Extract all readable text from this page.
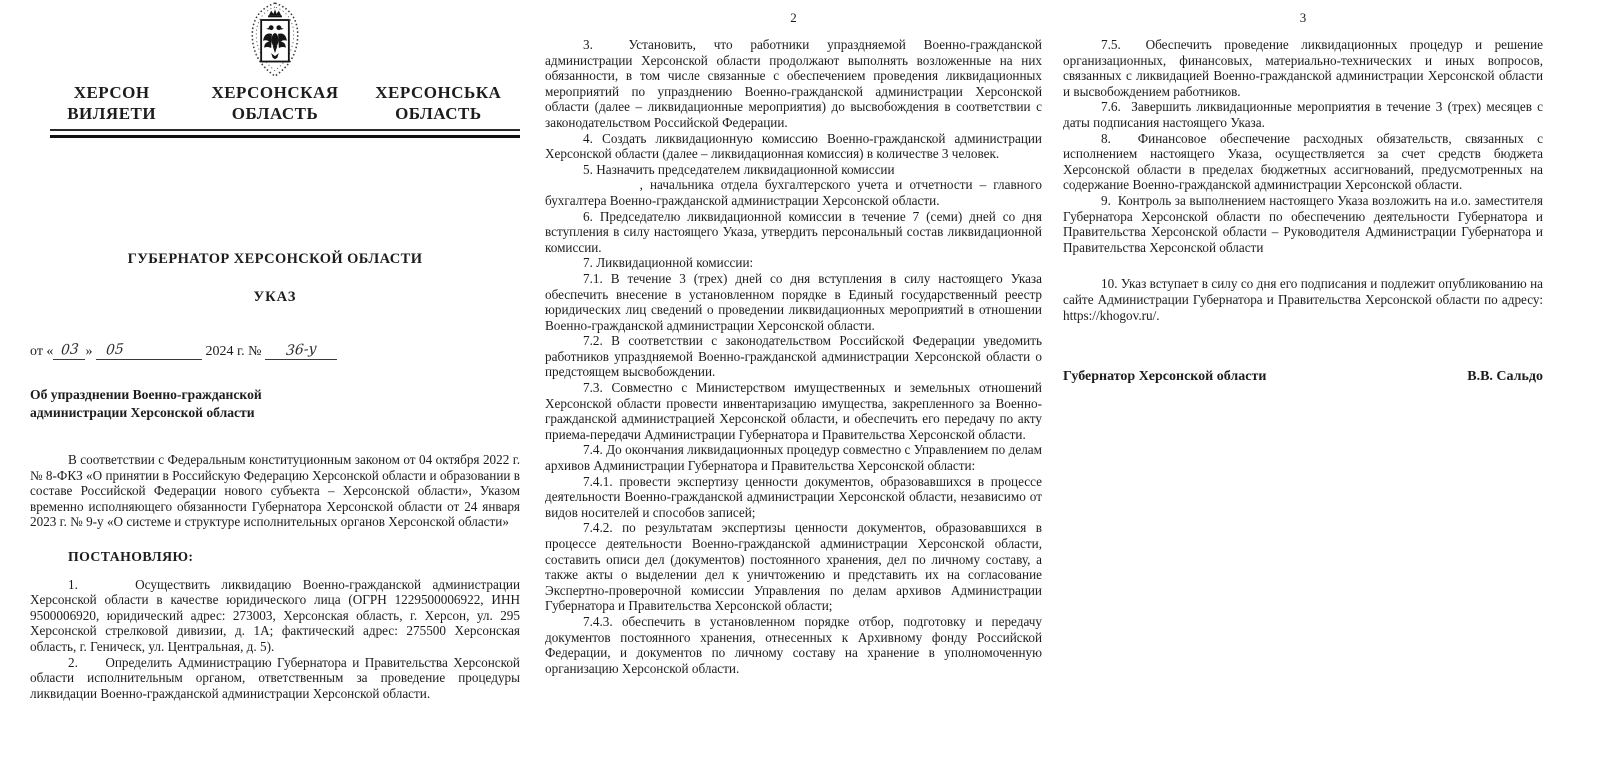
ХЕРСОН
ВИЛЯЕТИ
ХЕРСОНСКАЯ
ОБЛАСТЬ
ХЕРСОНСЬКА
ОБЛАСТЬ
ГУБЕРНАТОР ХЕРСОНСКОЙ ОБЛАСТИ
УКАЗ
от « 03 » 05	2024 г. № 36-у
Об упразднении Военно-гражданской
администрации Херсонской области

В соответствии с Федеральным конституционным законом от 04 октября 2022 г. № 8-ФКЗ «О принятии в Российскую Федерацию Херсонской области и образовании в составе Российской Федерации нового субъекта – Херсонской области», Указом временно исполняющего обязанности Губернатора Херсонской области от 24 января 2023 г. № 9-у «О системе и структуре исполнительных органов Херсонской области»

ПОСТАНОВЛЯЮ:

1.     Осуществить ликвидацию Военно-гражданской администрации Херсонской области в качестве юридического лица (ОГРН 1229500006922, ИНН 9500006920, юридический адрес: 273003, Херсонская область, г. Херсон, ул. 295 Херсонской стрелковой дивизии, д. 1А; фактический адрес: 275500 Херсонская область, г. Геническ, ул. Центральная, д. 5).

2.     Определить Администрацию Губернатора и Правительства Херсонской области исполнительным органом, ответственным за проведение процедуры ликвидации Военно-гражданской администрации Херсонской области.

2

3.  Установить, что работники упраздняемой Военно-гражданской администрации Херсонской области продолжают выполнять возложенные на них обязанности, в том числе связанные с обеспечением проведения ликвидационных мероприятий по упразднению Военно-гражданской администрации Херсонской области (далее – ликвидационные мероприятия) до высвобождения в соответствии с законодательством Российской Федерации.

4. Создать ликвидационную комиссию Военно-гражданской администрации Херсонской области (далее – ликвидационная комиссия) в количестве 3 человек.

5. Назначить председателем ликвидационной комиссии

, начальника отдела бухгалтерского учета и отчетности – главного бухгалтера Военно-гражданской администрации Херсонской области.

6. Председателю ликвидационной комиссии в течение 7 (семи) дней со дня вступления в силу настоящего Указа, утвердить персональный состав ликвидационной комиссии.

7. Ликвидационной комиссии:

7.1. В течение 3 (трех) дней со дня вступления в силу настоящего Указа обеспечить внесение в установленном порядке в Единый государственный реестр юридических лиц сведений о проведении ликвидационных мероприятий в отношении Военно-гражданской администрации Херсонской области.

7.2. В соответствии с законодательством Российской Федерации уведомить работников упраздняемой Военно-гражданской администрации Херсонской области о предстоящем высвобождении.

7.3. Совместно с Министерством имущественных и земельных отношений Херсонской области провести инвентаризацию имущества, закрепленного за Военно-гражданской администрацией Херсонской области, и обеспечить его передачу по акту приема-передачи Администрации Губернатора и Правительства Херсонской области.

7.4. До окончания ликвидационных процедур совместно с Управлением по делам архивов Администрации Губернатора и Правительства Херсонской области:

7.4.1. провести экспертизу ценности документов, образовавшихся в процессе деятельности Военно-гражданской администрации Херсонской области, независимо от видов носителей и способов записей;

7.4.2. по результатам экспертизы ценности документов, образовавшихся в процессе деятельности Военно-гражданской администрации Херсонской области, составить описи дел (документов) постоянного хранения, дел по личному составу, а также акты о выделении дел к уничтожению и представить их на согласование Экспертно-проверочной комиссии Управления по делам архивов Администрации Губернатора и Правительства Херсонской области;

7.4.3. обеспечить в установленном порядке отбор, подготовку и передачу документов постоянного хранения, отнесенных к Архивному фонду Российской Федерации, и документов по личному составу на хранение в уполномоченную организацию Херсонской области.

3

7.5.  Обеспечить проведение ликвидационных процедур и решение организационных, финансовых, материально-технических и иных вопросов, связанных с ликвидацией Военно-гражданской администрации Херсонской области и высвобождением работников.

7.6.  Завершить ликвидационные мероприятия в течение 3 (трех) месяцев с даты подписания настоящего Указа.

8.  Финансовое обеспечение расходных обязательств, связанных с исполнением настоящего Указа, осуществляется за счет средств бюджета Херсонской области в пределах бюджетных ассигнований, предусмотренных на содержание Военно-гражданской администрации Херсонской области.

9.  Контроль за выполнением настоящего Указа возложить на и.о. заместителя Губернатора Херсонской области по обеспечению деятельности Губернатора и Правительства Херсонской области – Руководителя Администрации Губернатора и Правительства Херсонской области

10. Указ вступает в силу со дня его подписания и подлежит опубликованию на сайте Администрации Губернатора и Правительства Херсонской области по адресу: https://khogov.ru/.

Губернатор Херсонской области	В.В. Сальдо
